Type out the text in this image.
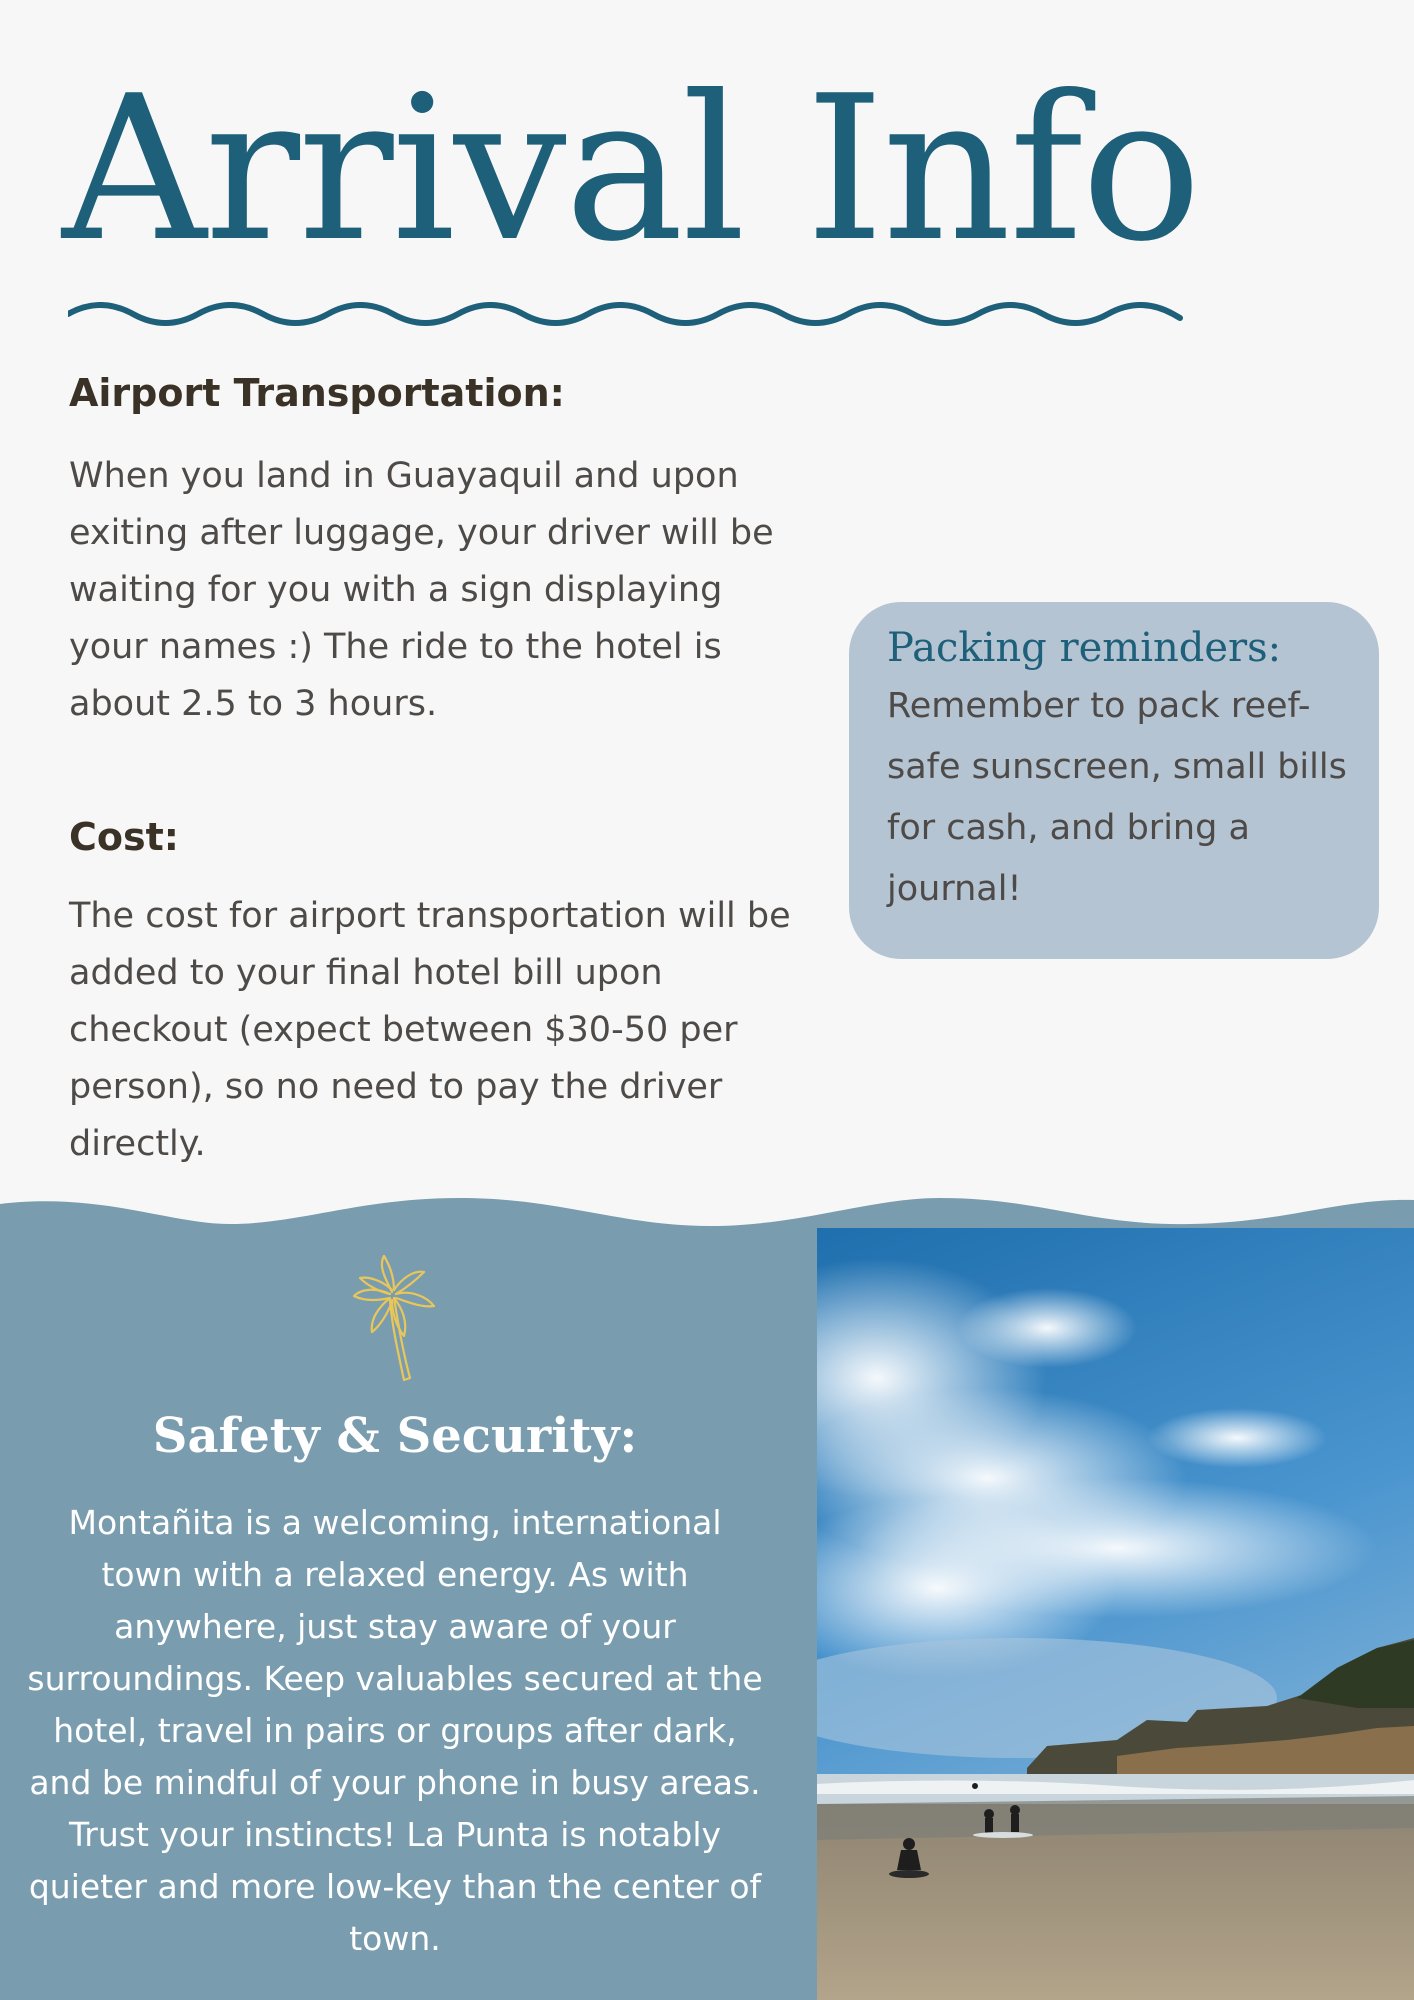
Arrival Info
Airport Transportation:

When you land in Guayaquil and upon exiting after luggage, your driver will be waiting for you with a sign displaying your names :) The ride to the hotel is about 2.5 to 3 hours.

Cost:

The cost for airport transportation will be added to your final hotel bill upon checkout (expect between $30-50 per person), so no need to pay the driver directly.

Packing reminders:

Remember to pack reef-safe sunscreen, small bills for cash, and bring a journal!

Safety & Security:

Montañita is a welcoming, international town with a relaxed energy. As with anywhere, just stay aware of your surroundings. Keep valuables secured at the hotel, travel in pairs or groups after dark, and be mindful of your phone in busy areas. Trust your instincts! La Punta is notably quieter and more low-key than the center of town.
